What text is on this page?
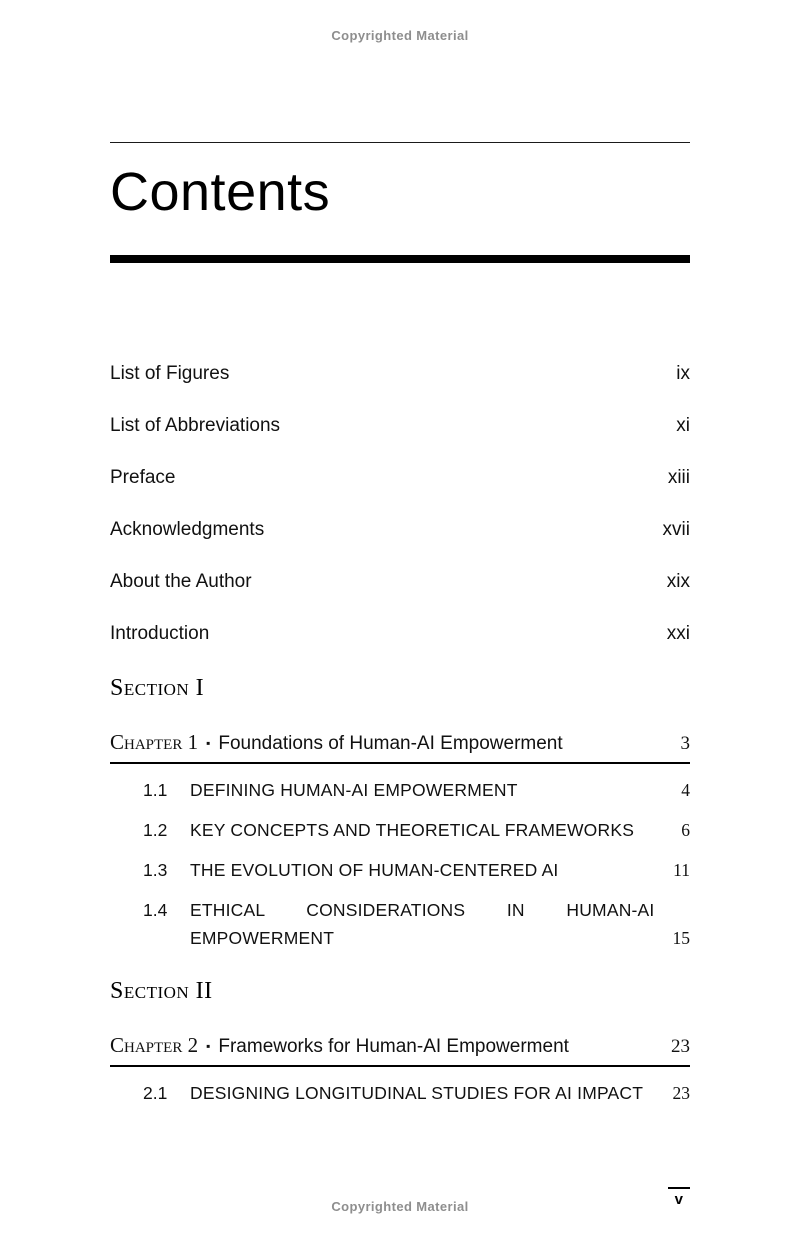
Copyrighted Material
Contents
List of Figures	ix
List of Abbreviations	xi
Preface	xiii
Acknowledgments	xvii
About the Author	xix
Introduction	xxi
Section I
Chapter 1 ▪ Foundations of Human-AI Empowerment	3
1.1	DEFINING HUMAN-AI EMPOWERMENT	4
1.2	KEY CONCEPTS AND THEORETICAL FRAMEWORKS	6
1.3	THE EVOLUTION OF HUMAN-CENTERED AI	11
1.4	ETHICAL CONSIDERATIONS IN HUMAN-AI EMPOWERMENT	15
Section II
Chapter 2 ▪ Frameworks for Human-AI Empowerment	23
2.1	DESIGNING LONGITUDINAL STUDIES FOR AI IMPACT	23
Copyrighted Material	v
